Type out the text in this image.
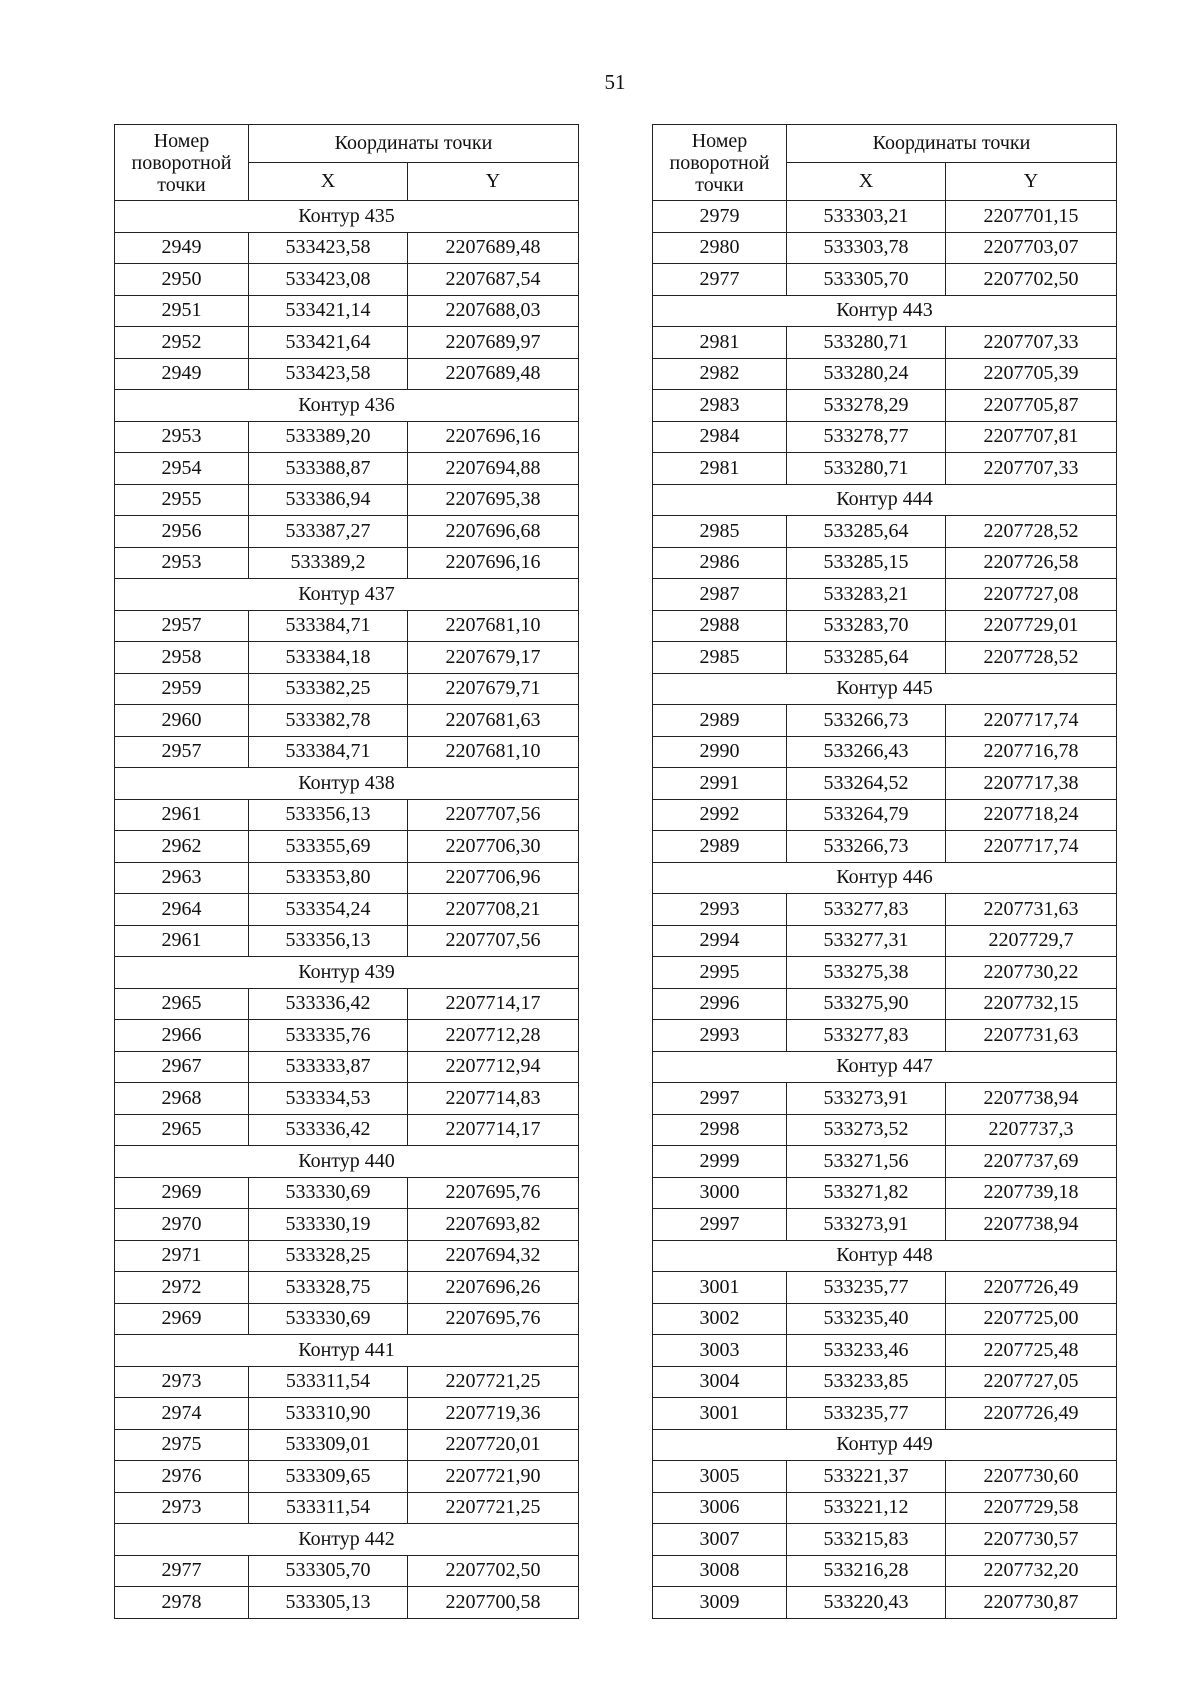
51
Номер
поворотной
точки	Координаты точки	
	X	Y
Контур 435		
2949	533423,58	2207689,48
2950	533423,08	2207687,54
2951	533421,14	2207688,03
2952	533421,64	2207689,97
2949	533423,58	2207689,48
Контур 436		
2953	533389,20	2207696,16
2954	533388,87	2207694,88
2955	533386,94	2207695,38
2956	533387,27	2207696,68
2953	533389,2	2207696,16
Контур 437		
2957	533384,71	2207681,10
2958	533384,18	2207679,17
2959	533382,25	2207679,71
2960	533382,78	2207681,63
2957	533384,71	2207681,10
Контур 438		
2961	533356,13	2207707,56
2962	533355,69	2207706,30
2963	533353,80	2207706,96
2964	533354,24	2207708,21
2961	533356,13	2207707,56
Контур 439		
2965	533336,42	2207714,17
2966	533335,76	2207712,28
2967	533333,87	2207712,94
2968	533334,53	2207714,83
2965	533336,42	2207714,17
Контур 440		
2969	533330,69	2207695,76
2970	533330,19	2207693,82
2971	533328,25	2207694,32
2972	533328,75	2207696,26
2969	533330,69	2207695,76
Контур 441		
2973	533311,54	2207721,25
2974	533310,90	2207719,36
2975	533309,01	2207720,01
2976	533309,65	2207721,90
2973	533311,54	2207721,25
Контур 442		
2977	533305,70	2207702,50
2978	533305,13	2207700,58
Номер
поворотной
точки	Координаты точки	
	X	Y
2979	533303,21	2207701,15
2980	533303,78	2207703,07
2977	533305,70	2207702,50
Контур 443		
2981	533280,71	2207707,33
2982	533280,24	2207705,39
2983	533278,29	2207705,87
2984	533278,77	2207707,81
2981	533280,71	2207707,33
Контур 444		
2985	533285,64	2207728,52
2986	533285,15	2207726,58
2987	533283,21	2207727,08
2988	533283,70	2207729,01
2985	533285,64	2207728,52
Контур 445		
2989	533266,73	2207717,74
2990	533266,43	2207716,78
2991	533264,52	2207717,38
2992	533264,79	2207718,24
2989	533266,73	2207717,74
Контур 446		
2993	533277,83	2207731,63
2994	533277,31	2207729,7
2995	533275,38	2207730,22
2996	533275,90	2207732,15
2993	533277,83	2207731,63
Контур 447		
2997	533273,91	2207738,94
2998	533273,52	2207737,3
2999	533271,56	2207737,69
3000	533271,82	2207739,18
2997	533273,91	2207738,94
Контур 448		
3001	533235,77	2207726,49
3002	533235,40	2207725,00
3003	533233,46	2207725,48
3004	533233,85	2207727,05
3001	533235,77	2207726,49
Контур 449		
3005	533221,37	2207730,60
3006	533221,12	2207729,58
3007	533215,83	2207730,57
3008	533216,28	2207732,20
3009	533220,43	2207730,87
